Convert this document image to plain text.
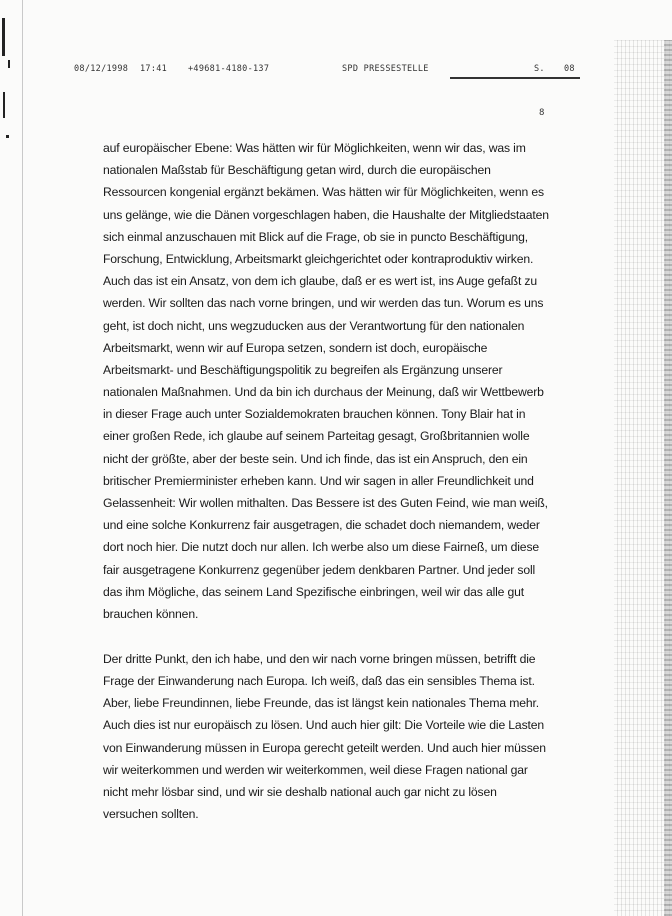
08/12/1998 17:41 +49681-4180-137	SPD PRESSESTELLE	S. 08
8
auf europäischer Ebene: Was hätten wir für Möglichkeiten, wenn wir das, was im
nationalen Maßstab für Beschäftigung getan wird, durch die europäischen
Ressourcen kongenial ergänzt bekämen. Was hätten wir für Möglichkeiten, wenn es
uns gelänge, wie die Dänen vorgeschlagen haben, die Haushalte der Mitgliedstaaten
sich einmal anzuschauen mit Blick auf die Frage, ob sie in puncto Beschäftigung,
Forschung, Entwicklung, Arbeitsmarkt gleichgerichtet oder kontraproduktiv wirken.
Auch das ist ein Ansatz, von dem ich glaube, daß er es wert ist, ins Auge gefaßt zu
werden. Wir sollten das nach vorne bringen, und wir werden das tun. Worum es uns
geht, ist doch nicht, uns wegzuducken aus der Verantwortung für den nationalen
Arbeitsmarkt, wenn wir auf Europa setzen, sondern ist doch, europäische
Arbeitsmarkt- und Beschäftigungspolitik zu begreifen als Ergänzung unserer
nationalen Maßnahmen. Und da bin ich durchaus der Meinung, daß wir Wettbewerb
in dieser Frage auch unter Sozialdemokraten brauchen können. Tony Blair hat in
einer großen Rede, ich glaube auf seinem Parteitag gesagt, Großbritannien wolle
nicht der größte, aber der beste sein. Und ich finde, das ist ein Anspruch, den ein
britischer Premierminister erheben kann. Und wir sagen in aller Freundlichkeit und
Gelassenheit: Wir wollen mithalten. Das Bessere ist des Guten Feind, wie man weiß,
und eine solche Konkurrenz fair ausgetragen, die schadet doch niemandem, weder
dort noch hier. Die nutzt doch nur allen. Ich werbe also um diese Fairneß, um diese
fair ausgetragene Konkurrenz gegenüber jedem denkbaren Partner. Und jeder soll
das ihm Mögliche, das seinem Land Spezifische einbringen, weil wir das alle gut
brauchen können.
Der dritte Punkt, den ich habe, und den wir nach vorne bringen müssen, betrifft die
Frage der Einwanderung nach Europa. Ich weiß, daß das ein sensibles Thema ist.
Aber, liebe Freundinnen, liebe Freunde, das ist längst kein nationales Thema mehr.
Auch dies ist nur europäisch zu lösen. Und auch hier gilt: Die Vorteile wie die Lasten
von Einwanderung müssen in Europa gerecht geteilt werden. Und auch hier müssen
wir weiterkommen und werden wir weiterkommen, weil diese Fragen national gar
nicht mehr lösbar sind, und wir sie deshalb national auch gar nicht zu lösen
versuchen sollten.
